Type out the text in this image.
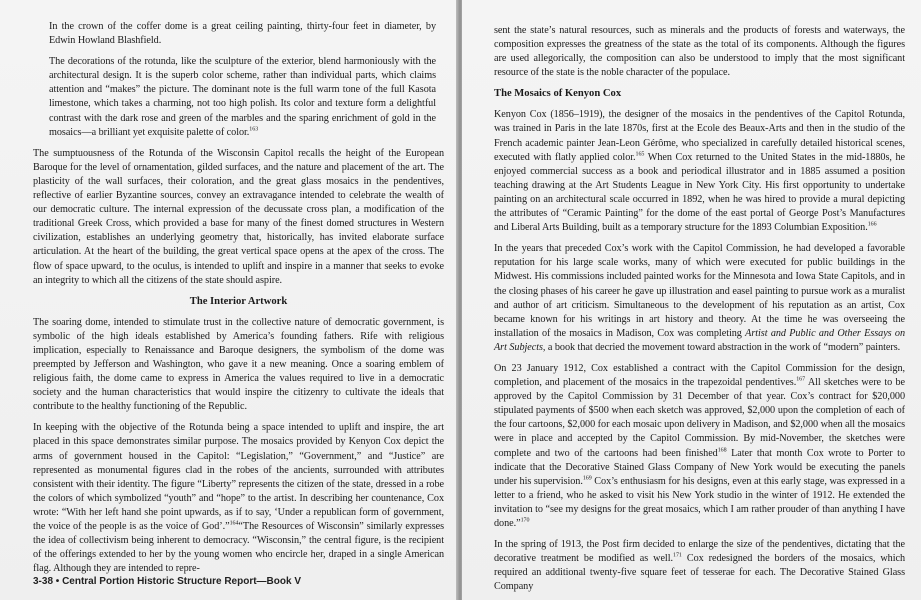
In the crown of the coffer dome is a great ceiling painting, thirty-four feet in diameter, by Edwin Howland Blashfield.

The decorations of the rotunda, like the sculpture of the exterior, blend harmoniously with the architectural design. It is the superb color scheme, rather than individual parts, which claims attention and “makes” the picture. The dominant note is the full warm tone of the full Kasota limestone, which takes a charming, not too high polish. Its color and texture form a delightful contrast with the dark rose and green of the marbles and the sparing enrichment of gold in the mosaics—a brilliant yet exquisite palette of color.$^{163}$

The sumptuousness of the Rotunda of the Wisconsin Capitol recalls the height of the European Baroque for the level of ornamentation, gilded surfaces, and the nature and placement of the art. The plasticity of the wall surfaces, their coloration, and the great glass mosaics in the pendentives, reflective of earlier Byzantine sources, convey an extravagance intended to celebrate the wealth of our democratic culture. The internal expression of the decussate cross plan, a modification of the traditional Greek Cross, which provided a base for many of the finest domed structures in Western civilization, establishes an underlying geometry that, historically, has invited elaborate surface articulation. At the heart of the building, the great vertical space opens at the apex of the cross. The flow of space upward, to the oculus, is intended to uplift and inspire in a manner that seeks to evoke an integrity to which all the citizens of the state should aspire.

The Interior Artwork

The soaring dome, intended to stimulate trust in the collective nature of democratic government, is symbolic of the high ideals established by America’s founding fathers. Rife with religious implication, especially to Renaissance and Baroque designers, the symbolism of the dome was preempted by Jefferson and Washington, who gave it a new meaning. Once a soaring emblem of religious faith, the dome came to express in America the values required to live in a democratic society and the human characteristics that would inspire the citizenry to cultivate the ideals that contribute to the healthy functioning of the Republic.

In keeping with the objective of the Rotunda being a space intended to uplift and inspire, the art placed in this space demonstrates similar purpose. The mosaics provided by Kenyon Cox depict the arms of government housed in the Capitol: “Legislation,” “Government,” and “Justice” are represented as monumental figures clad in the robes of the ancients, surrounded with attributes consistent with their identity. The figure “Liberty” represents the citizen of the state, dressed in a robe the colors of which symbolized “youth” and “hope” to the artist. In describing her countenance, Cox wrote: “With her left hand she point upwards, as if to say, ‘Under a republican form of government, the voice of the people is as the voice of God’.”$^{164}$“The Resources of Wisconsin” similarly expresses the idea of collectivism being inherent to democracy. “Wisconsin,” the central figure, is the recipient of the offerings extended to her by the young women who encircle her, draped in a single American flag. Although they are intended to repre-

3-38 • Central Portion Historic Structure Report—Book V

sent the state’s natural resources, such as minerals and the products of forests and waterways, the composition expresses the greatness of the state as the total of its components. Although the figures are used allegorically, the composition can also be understood to imply that the most significant resource of the state is the noble character of the populace.

The Mosaics of Kenyon Cox

Kenyon Cox (1856–1919), the designer of the mosaics in the pendentives of the Capitol Rotunda, was trained in Paris in the late 1870s, first at the Ecole des Beaux-Arts and then in the studio of the French academic painter Jean-Leon Gérôme, who specialized in carefully detailed historical scenes, executed with flatly applied color.$^{165}$ When Cox returned to the United States in the mid-1880s, he enjoyed commercial success as a book and periodical illustrator and in 1885 assumed a position teaching drawing at the Art Students League in New York City. His first opportunity to undertake painting on an architectural scale occurred in 1892, when he was hired to provide a mural depicting the attributes of “Ceramic Painting” for the dome of the east portal of George Post’s Manufactures and Liberal Arts Building, built as a temporary structure for the 1893 Columbian Exposition.$^{166}$

In the years that preceded Cox’s work with the Capitol Commission, he had developed a favorable reputation for his large scale works, many of which were executed for public buildings in the Midwest. His commissions included painted works for the Minnesota and Iowa State Capitols, and in the closing phases of his career he gave up illustration and easel painting to pursue work as a muralist and author of art criticism. Simultaneous to the development of his reputation as an artist, Cox became known for his writings in art history and theory. At the time he was overseeing the installation of the mosaics in Madison, Cox was completing Artist and Public and Other Essays on Art Subjects, a book that decried the movement toward abstraction in the work of “modern” painters.

On 23 January 1912, Cox established a contract with the Capitol Commission for the design, completion, and placement of the mosaics in the trapezoidal pendentives.$^{167}$ All sketches were to be approved by the Capitol Commission by 31 December of that year. Cox’s contract for $20,000 stipulated payments of $500 when each sketch was approved, $2,000 upon the completion of each of the four cartoons, $2,000 for each mosaic upon delivery in Madison, and $2,000 when all the mosaics were in place and accepted by the Capitol Commission. By mid-November, the sketches were complete and two of the cartoons had been finished$^{168}$ Later that month Cox wrote to Porter to indicate that the Decorative Stained Glass Company of New York would be executing the panels under his supervision.$^{169}$ Cox’s enthusiasm for his designs, even at this early stage, was expressed in a letter to a friend, who he asked to visit his New York studio in the winter of 1912. He extended the invitation to “see my designs for the great mosaics, which I am rather prouder of than anything I have done.”$^{170}$

In the spring of 1913, the Post firm decided to enlarge the size of the pendentives, dictating that the decorative treatment be modified as well.$^{171}$ Cox redesigned the borders of the mosaics, which required an additional twenty-five square feet of tesserae for each. The Decorative Stained Glass Company
